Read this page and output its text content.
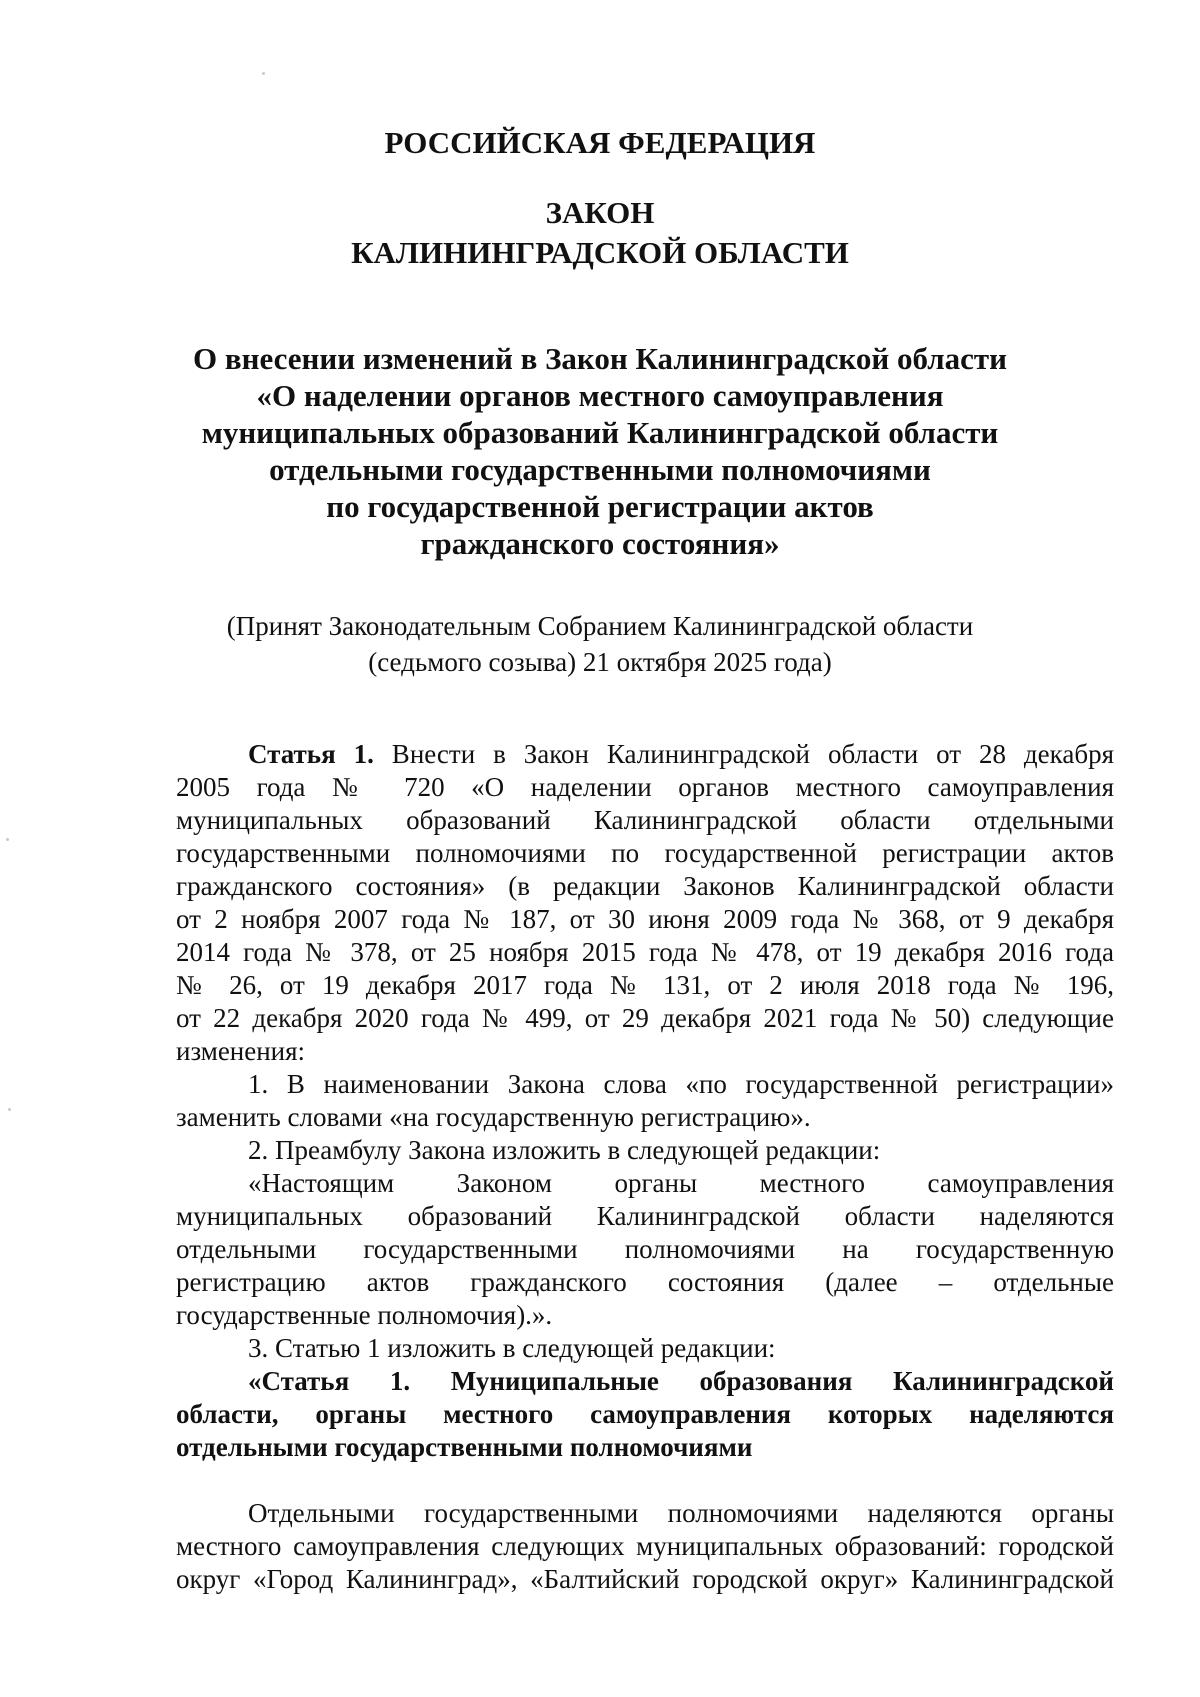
РОССИЙСКАЯ ФЕДЕРАЦИЯ
ЗАКОН
КАЛИНИНГРАДСКОЙ ОБЛАСТИ
О внесении изменений в Закон Калининградской области
«О наделении органов местного самоуправления
муниципальных образований Калининградской области
отдельными государственными полномочиями
по государственной регистрации актов
гражданского состояния»
(Принят Законодательным Собранием Калининградской области
(седьмого созыва) 21 октября 2025 года)
Статья 1. Внести в Закон Калининградской области от 28 декабря
2005 года № 720 «О наделении органов местного самоуправления
муниципальных образований Калининградской области отдельными
государственными полномочиями по государственной регистрации актов
гражданского состояния» (в редакции Законов Калининградской области
от 2 ноября 2007 года № 187, от 30 июня 2009 года № 368, от 9 декабря
2014 года № 378, от 25 ноября 2015 года № 478, от 19 декабря 2016 года
№ 26, от 19 декабря 2017 года № 131, от 2 июля 2018 года № 196,
от 22 декабря 2020 года № 499, от 29 декабря 2021 года № 50) следующие
изменения:
1. В наименовании Закона слова «по государственной регистрации»
заменить словами «на государственную регистрацию».
2. Преамбулу Закона изложить в следующей редакции:
«Настоящим Законом органы местного самоуправления
муниципальных образований Калининградской области наделяются
отдельными государственными полномочиями на государственную
регистрацию актов гражданского состояния (далее – отдельные
государственные полномочия).».
3. Статью 1 изложить в следующей редакции:
«Статья 1. Муниципальные образования Калининградской
области, органы местного самоуправления которых наделяются
отдельными государственными полномочиями
Отдельными государственными полномочиями наделяются органы
местного самоуправления следующих муниципальных образований: городской
округ «Город Калининград», «Балтийский городской округ» Калининградской
